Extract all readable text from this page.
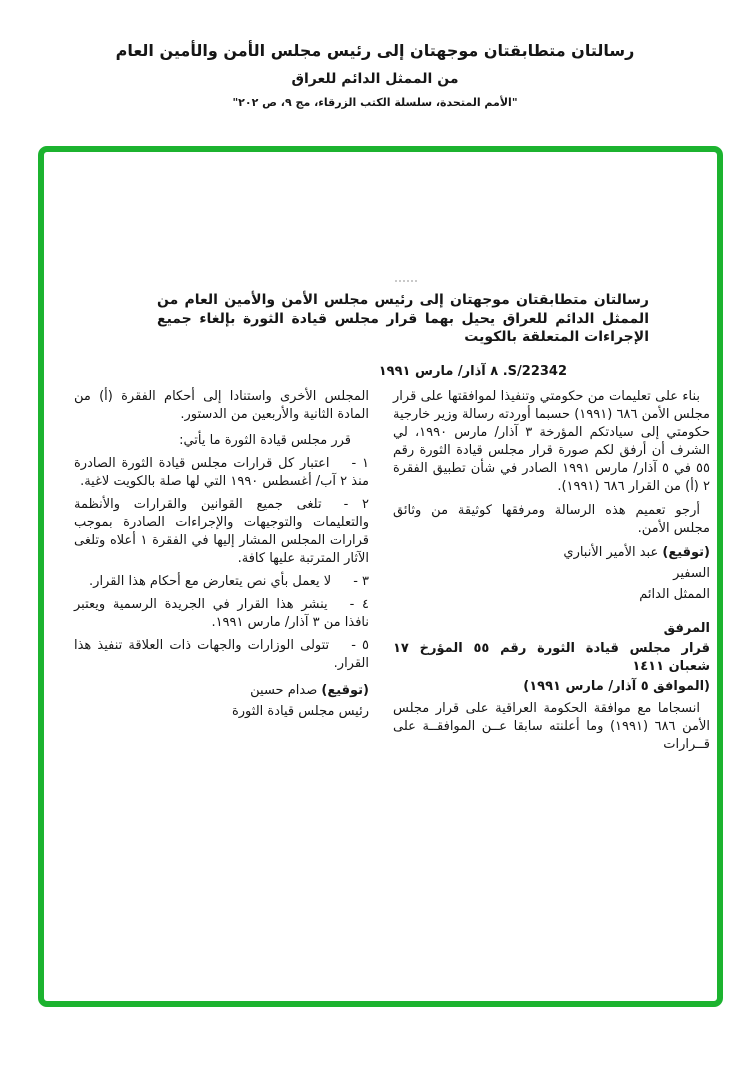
رسالتان متطابقتان موجهتان إلى رئيس مجلس الأمن والأمين العام
من الممثل الدائم للعراق
"الأمم المتحدة، سلسلة الكتب الزرقاء، مج ٩، ص ٢٠٢"
رسالتان متطابقتان موجهتان إلى رئيس مجلس الأمن والأمين العام من الممثل الدائم للعراق يحيل بهما قرار مجلس قيادة الثورة بإلغاء جميع الإجراءات المتعلقة بالكويت
S/22342. ٨ آذار/ مارس ١٩٩١

بناء على تعليمات من حكومتي وتنفيذا لموافقتها على قرار مجلس الأمن ٦٨٦ (١٩٩١) حسبما أوردته رسالة وزير خارجية حكومتي إلى سيادتكم المؤرخة ٣ آذار/ مارس ١٩٩٠، لي الشرف أن أرفق لكم صورة قرار مجلس قيادة الثورة رقم ٥٥ في ٥ آذار/ مارس ١٩٩١ الصادر في شأن تطبيق الفقرة ٢ (أ) من القرار ٦٨٦ (١٩٩١).

أرجو تعميم هذه الرسالة ومرفقها كوثيقة من وثائق مجلس الأمن.

(توقيع) عبد الأمير الأنباري

السفير

الممثل الدائم

المرفق

قرار مجلس قيادة الثورة رقم ٥٥ المؤرخ ١٧ شعبان ١٤١١

(الموافق ٥ آذار/ مارس ١٩٩١)

انسجاما مع موافقة الحكومة العراقية على قرار مجلس الأمن ٦٨٦ (١٩٩١) وما أعلنته سابقا عــن الموافقــة على قــرارات

المجلس الأخرى واستنادا إلى أحكام الفقرة (أ) من المادة الثانية والأربعين من الدستور.

قرر مجلس قيادة الثورة ما يأتي:

١ -اعتبار كل قرارات مجلس قيادة الثورة الصادرة منذ ٢ آب/ أغسطس ١٩٩٠ التي لها صلة بالكويت لاغية.

٢ -تلغى جميع القوانين والقرارات والأنظمة والتعليمات والتوجيهات والإجراءات الصادرة بموجب قرارات المجلس المشار إليها في الفقرة ١ أعلاه وتلغى الآثار المترتبة عليها كافة.

٣ -لا يعمل بأي نص يتعارض مع أحكام هذا القرار.

٤ -ينشر هذا القرار في الجريدة الرسمية ويعتبر نافذا من ٣ آذار/ مارس ١٩٩١.

٥ -تتولى الوزارات والجهات ذات العلاقة تنفيذ هذا القرار.

(توقيع) صدام حسين

رئيس مجلس قيادة الثورة
